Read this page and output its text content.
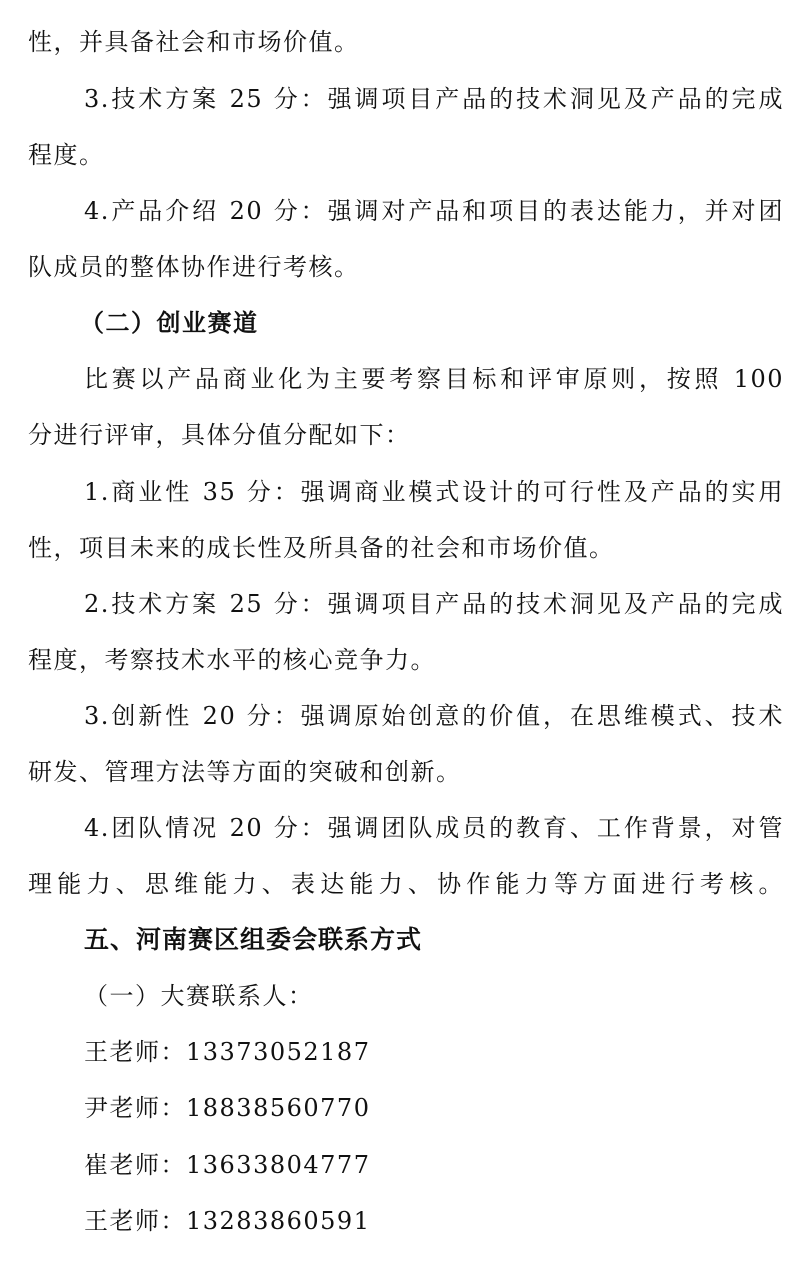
性，并具备社会和市场价值。
3.技术方案 25 分：强调项目产品的技术洞见及产品的完成
程度。
4.产品介绍 20 分：强调对产品和项目的表达能力，并对团
队成员的整体协作进行考核。
（二）创业赛道
比赛以产品商业化为主要考察目标和评审原则，按照 100
分进行评审，具体分值分配如下：
1.商业性 35 分：强调商业模式设计的可行性及产品的实用
性，项目未来的成长性及所具备的社会和市场价值。
2.技术方案 25 分：强调项目产品的技术洞见及产品的完成
程度，考察技术水平的核心竞争力。
3.创新性 20 分：强调原始创意的价值，在思维模式、技术
研发、管理方法等方面的突破和创新。
4.团队情况 20 分：强调团队成员的教育、工作背景，对管
理能力、思维能力、表达能力、协作能力等方面进行考核。
五、河南赛区组委会联系方式
（一）大赛联系人：
王老师：13373052187
尹老师：18838560770
崔老师：13633804777
王老师：13283860591
